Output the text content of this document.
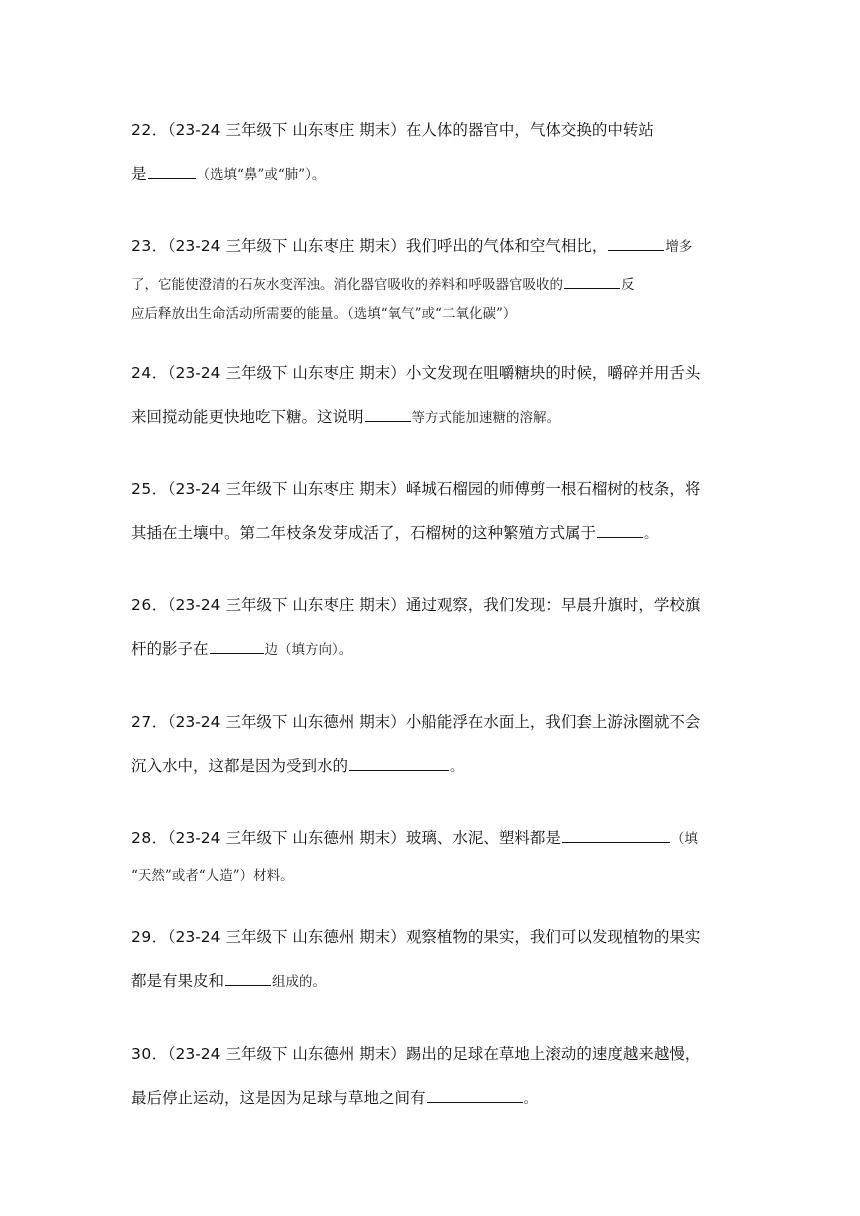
22．（23-24 三年级下 山东枣庄 期末）在人体的器官中，气体交换的中转站
是	（选填“鼻”或“肺”）。
23．（23-24 三年级下 山东枣庄 期末）我们呼出的气体和空气相比，	增多
了，它能使澄清的石灰水变浑浊。消化器官吸收的养料和呼吸器官吸收的	反
应后释放出生命活动所需要的能量。（选填“氧气”或“二氧化碳”）
24．（23-24 三年级下 山东枣庄 期末）小文发现在咀嚼糖块的时候，嚼碎并用舌头
来回搅动能更快地吃下糖。这说明	等方式能加速糖的溶解。
25．（23-24 三年级下 山东枣庄 期末）峄城石榴园的师傅剪一根石榴树的枝条，将
其插在土壤中。第二年枝条发芽成活了，石榴树的这种繁殖方式属于	。
26．（23-24 三年级下 山东枣庄 期末）通过观察，我们发现：早晨升旗时，学校旗
杆的影子在	边（填方向）。
27．（23-24 三年级下 山东德州 期末）小船能浮在水面上，我们套上游泳圈就不会
沉入水中，这都是因为受到水的	。
28．（23-24 三年级下 山东德州 期末）玻璃、水泥、塑料都是	（填
“天然”或者“人造”）材料。
29．（23-24 三年级下 山东德州 期末）观察植物的果实，我们可以发现植物的果实
都是有果皮和	组成的。
30．（23-24 三年级下 山东德州 期末）踢出的足球在草地上滚动的速度越来越慢，
最后停止运动，这是因为足球与草地之间有	。
